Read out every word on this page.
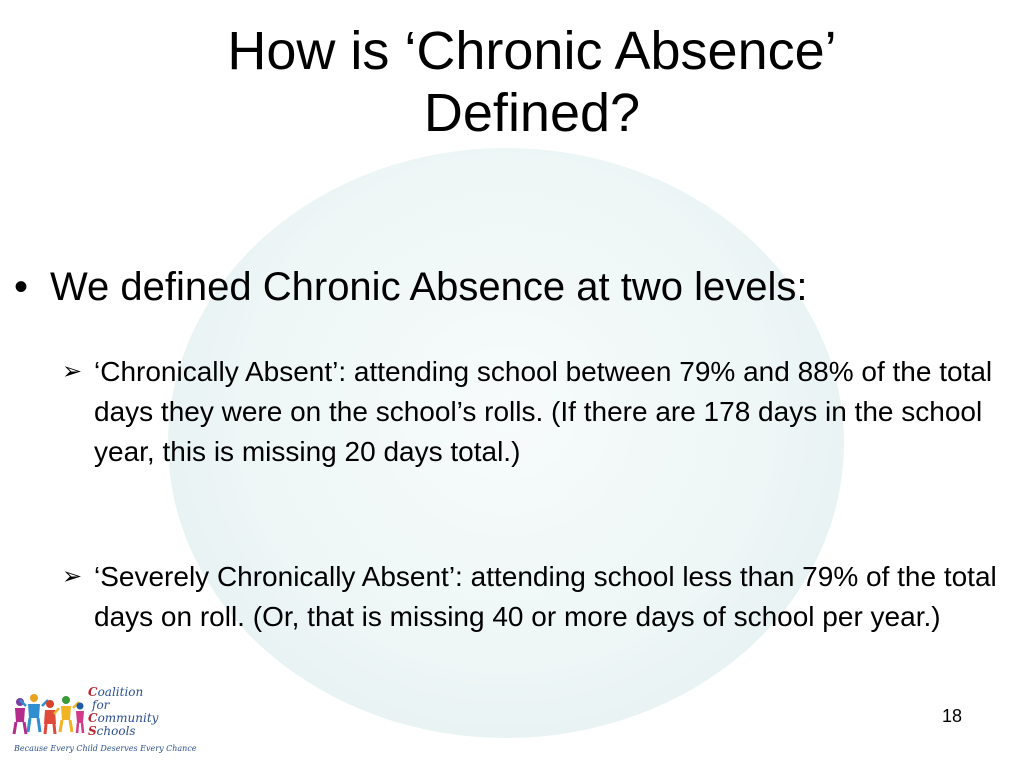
How is ‘Chronic Absence’
Defined?
• We defined Chronic Absence at two levels:
➢ ‘Chronically Absent’: attending school between 79% and 88% of the total days they were on the school’s rolls. (If there are 178 days in the school year, this is missing 20 days total.)
➢ ‘Severely Chronically Absent’: attending school less than 79% of the total days on roll. (Or, that is missing 40 or more days of school per year.)
Coalition
for
Community
Schools
Because Every Child Deserves Every Chance
18
